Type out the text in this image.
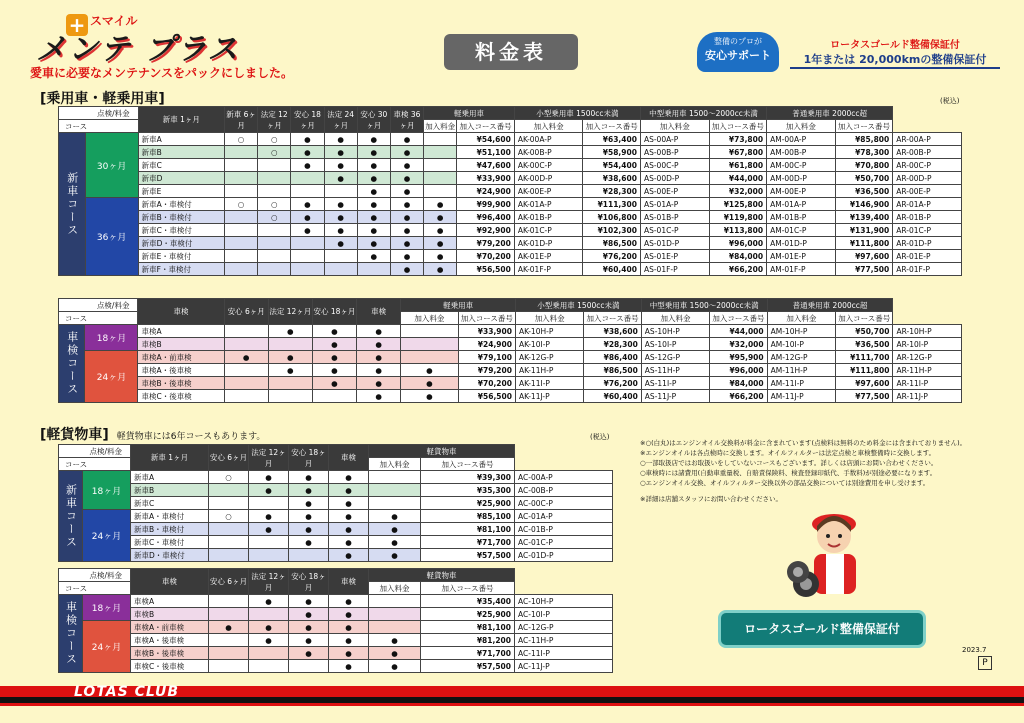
+ スマイル
メンテ プラス
愛車に必要なメンテナンスをパックにしました。
料金表	整備のプロが
安心サポート
ロータスゴールド整備保証付
1年または 20,000kmの整備保証付
[乗用車・軽乗用車]	(税込)
点検/料金		新車 1ヶ月	新車 6ヶ月	法定 12ヶ月	安心 18ヶ月	法定 24ヶ月	安心 30ヶ月	車検 36ヶ月	軽乗用車		小型乗用車 1500cc未満		中型乗用車 1500〜2000cc未満		普通乗用車 2000cc超		
コース									加入料金	加入コース番号	加入料金	加入コース番号	加入料金	加入コース番号	加入料金	加入コース番号	
新車コース	30ヶ月	新車A	○	○	●	●	●	●		¥54,600	AK-00A-P	¥63,400	AS-00A-P	¥73,800	AM-00A-P	¥85,800	AR-00A-P
		新車B		○	●	●	●	●		¥51,100	AK-00B-P	¥58,900	AS-00B-P	¥67,800	AM-00B-P	¥78,300	AR-00B-P
		新車C			●	●	●	●		¥47,600	AK-00C-P	¥54,400	AS-00C-P	¥61,800	AM-00C-P	¥70,800	AR-00C-P
		新車D				●	●	●		¥33,900	AK-00D-P	¥38,600	AS-00D-P	¥44,000	AM-00D-P	¥50,700	AR-00D-P
		新車E					●	●		¥24,900	AK-00E-P	¥28,300	AS-00E-P	¥32,000	AM-00E-P	¥36,500	AR-00E-P
	36ヶ月	新車A・車検付	○	○	●	●	●	●	●	¥99,900	AK-01A-P	¥111,300	AS-01A-P	¥125,800	AM-01A-P	¥146,900	AR-01A-P
		新車B・車検付		○	●	●	●	●	●	¥96,400	AK-01B-P	¥106,800	AS-01B-P	¥119,800	AM-01B-P	¥139,400	AR-01B-P
		新車C・車検付			●	●	●	●	●	¥92,900	AK-01C-P	¥102,300	AS-01C-P	¥113,800	AM-01C-P	¥131,900	AR-01C-P
		新車D・車検付				●	●	●	●	¥79,200	AK-01D-P	¥86,500	AS-01D-P	¥96,000	AM-01D-P	¥111,800	AR-01D-P
		新車E・車検付					●	●	●	¥70,200	AK-01E-P	¥76,200	AS-01E-P	¥84,000	AM-01E-P	¥97,600	AR-01E-P
		新車F・車検付						●	●	¥56,500	AK-01F-P	¥60,400	AS-01F-P	¥66,200	AM-01F-P	¥77,500	AR-01F-P
点検/料金		車検	安心 6ヶ月	法定 12ヶ月	安心 18ヶ月	車検	軽乗用車		小型乗用車 1500cc未満		中型乗用車 1500〜2000cc未満		普通乗用車 2000cc超		
コース							加入料金	加入コース番号	加入料金	加入コース番号	加入料金	加入コース番号	加入料金	加入コース番号	
車検コース	18ヶ月	車検A		●	●	●		¥33,900	AK-10H-P	¥38,600	AS-10H-P	¥44,000	AM-10H-P	¥50,700	AR-10H-P
		車検B			●	●		¥24,900	AK-10I-P	¥28,300	AS-10I-P	¥32,000	AM-10I-P	¥36,500	AR-10I-P
	24ヶ月	車検A・前車検	●	●	●	●		¥79,100	AK-12G-P	¥86,400	AS-12G-P	¥95,900	AM-12G-P	¥111,700	AR-12G-P
		車検A・後車検		●	●	●	●	¥79,200	AK-11H-P	¥86,500	AS-11H-P	¥96,000	AM-11H-P	¥111,800	AR-11H-P
		車検B・後車検			●	●	●	¥70,200	AK-11I-P	¥76,200	AS-11I-P	¥84,000	AM-11I-P	¥97,600	AR-11I-P
		車検C・後車検				●	●	¥56,500	AK-11J-P	¥60,400	AS-11J-P	¥66,200	AM-11J-P	¥77,500	AR-11J-P
[軽貨物車] 軽貨物車には6年コースもあります。	(税込)
点検/料金		新車 1ヶ月	安心 6ヶ月	法定 12ヶ月	安心 18ヶ月	車検	軽貨物車		
コース							加入料金	加入コース番号	
新車コース	18ヶ月	新車A	○	●	●	●		¥39,300	AC-00A-P
		新車B		●	●	●		¥35,300	AC-00B-P
		新車C			●	●		¥25,900	AC-00C-P
	24ヶ月	新車A・車検付	○	●	●	●	●	¥85,100	AC-01A-P
		新車B・車検付		●	●	●	●	¥81,100	AC-01B-P
		新車C・車検付			●	●	●	¥71,700	AC-01C-P
		新車D・車検付				●	●	¥57,500	AC-01D-P
点検/料金		車検	安心 6ヶ月	法定 12ヶ月	安心 18ヶ月	車検	軽貨物車		
コース							加入料金	加入コース番号	
車検コース	18ヶ月	車検A		●	●	●		¥35,400	AC-10H-P
		車検B			●	●		¥25,900	AC-10I-P
	24ヶ月	車検A・前車検	●	●	●	●		¥81,100	AC-12G-P
		車検A・後車検		●	●	●	●	¥81,200	AC-11H-P
		車検B・後車検			●	●	●	¥71,700	AC-11I-P
		車検C・後車検				●	●	¥57,500	AC-11J-P
※○(白丸)はエンジンオイル交換料が料金に含まれています(点検料は無料のため料金には含まれておりません)。
※エンジンオイルは各点検時に交換します。オイルフィルターは法定点検と車検整備時に交換します。
○一部取扱店ではお取扱いをしていないコースもございます。詳しくは店頭にお問い合わせください。
○車検時には諸費用(自動車重量税、自賠責保険料、検査登録印紙代、手数料)が別途必要になります。
○エンジンオイル交換、オイルフィルター交換以外の部品交換については別途費用を申し受けます。
※詳細は店舗スタッフにお問い合わせください。
ロータスゴールド整備保証付
2023.7
P
LOTAS CLUB
